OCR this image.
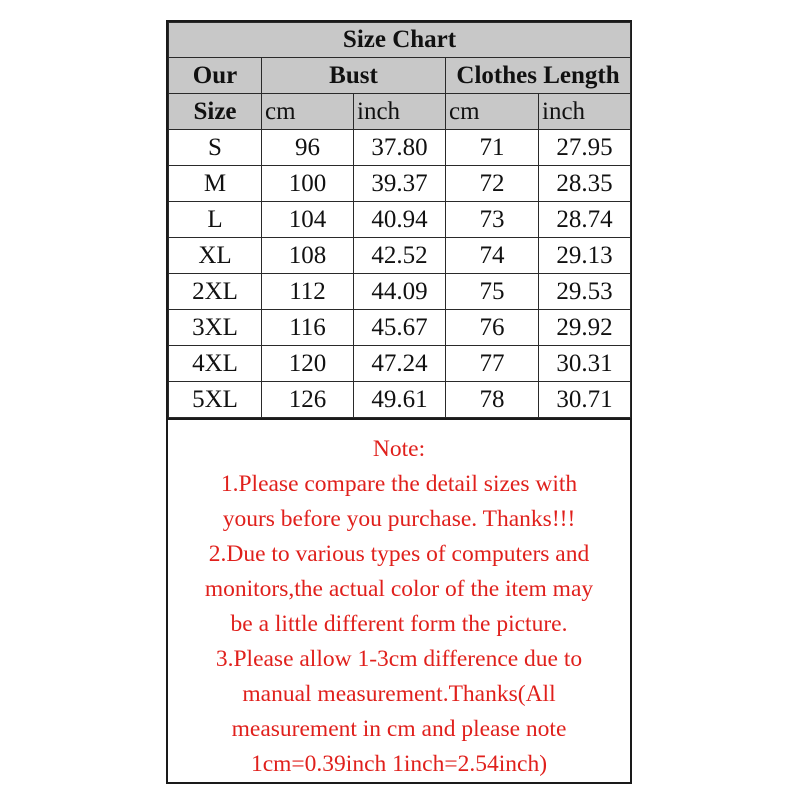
Size Chart				
Our	Bust		Clothes Length	
Size	cm	inch	cm	inch
S	96	37.80	71	27.95
M	100	39.37	72	28.35
L	104	40.94	73	28.74
XL	108	42.52	74	29.13
2XL	112	44.09	75	29.53
3XL	116	45.67	76	29.92
4XL	120	47.24	77	30.31
5XL	126	49.61	78	30.71
Note:
1.Please compare the detail sizes with
yours before you purchase. Thanks!!!
2.Due to various types of computers and
monitors,the actual color of the item may
be a little different form the picture.
3.Please allow 1-3cm difference due to
manual measurement.Thanks(All
measurement in cm and please note
1cm=0.39inch 1inch=2.54inch)
